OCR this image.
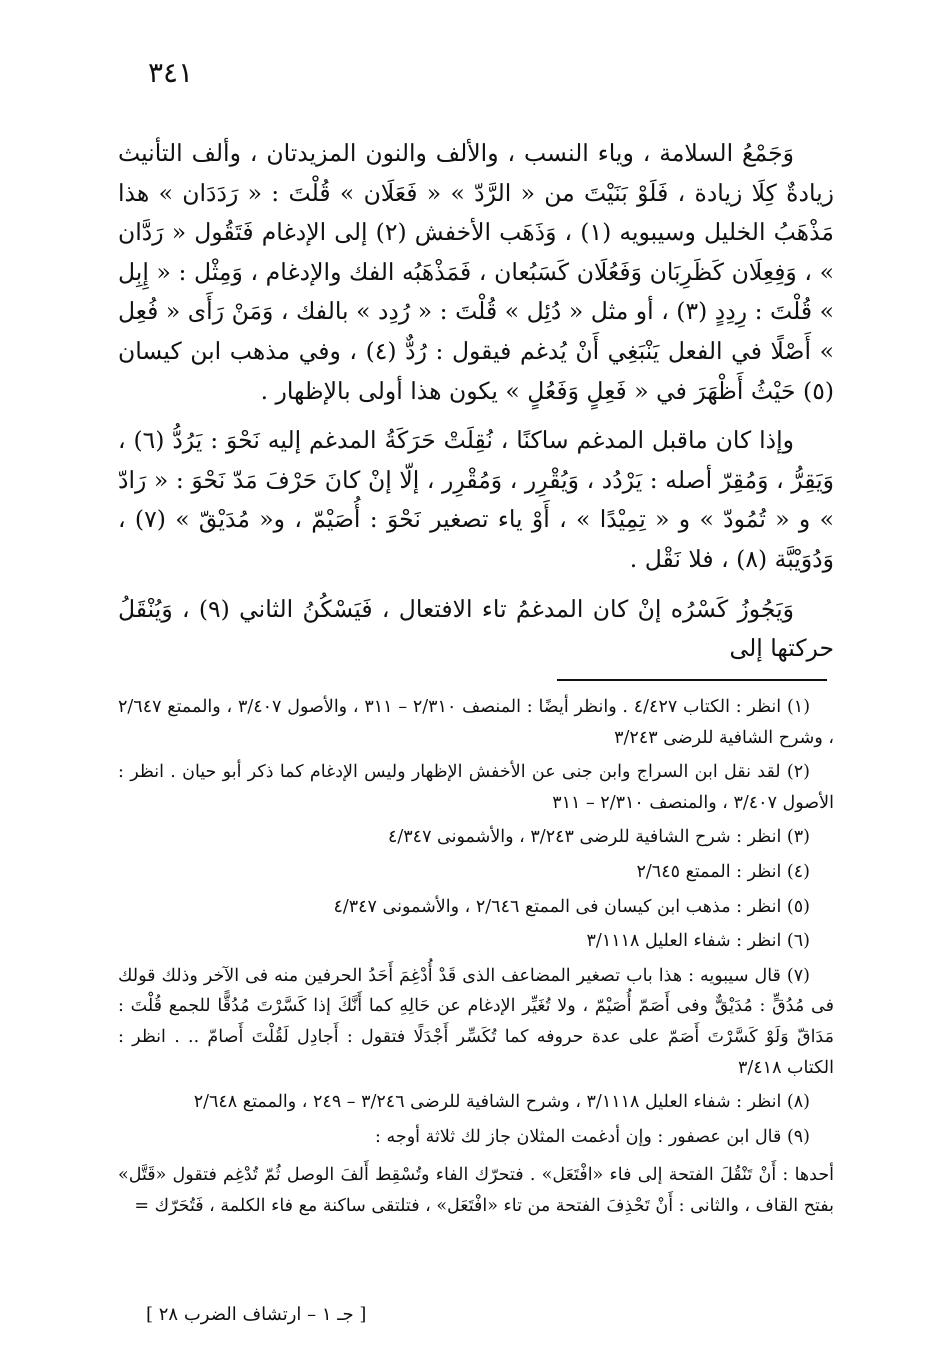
٣٤١

وَجَمْعُ السلامة ، وياء النسب ، والألف والنون المزيدتان ، وألف التأنيث زيادةٌ كِلَا زيادة ، فَلَوْ بَنَيْتَ من « الرَّدّ » « فَعَلَان » قُلْتَ : « رَدَدَان » هذا مَذْهَبُ الخليل وسيبويه (١) ، وَذَهَب الأخفش (٢) إلى الإدغام فَتَقُول « رَدَّان » ، وَفِعِلَان كَظَرِبَان وَفَعُلَان كَسَبُعان ، فَمَذْهَبُه الفك والإدغام ، وَمِثْل : « إِبِل » قُلْتَ : رِدِدٍ (٣) ، أو مثل « دُئِل » قُلْتَ : « رُدِد » بالفك ، وَمَنْ رَأَى « فُعِل » أَصْلًا في الفعل يَنْبَغِي أَنْ يُدغم فيقول : رُدٌّ (٤) ، وفي مذهب ابن كيسان (٥) حَيْثُ أَظْهَرَ في « فَعِلٍ وَفَعُلٍ » يكون هذا أولى بالإظهار .

وإذا كان ماقبل المدغم ساكنًا ، نُقِلَتْ حَرَكَةُ المدغم إليه نَحْوَ : يَرُدُّ (٦) ، وَيَقِرُّ ، وَمُقِرّ أصله : يَرْدُد ، وَيُقْرِر ، وَمُقْرِر ، إلّا إنْ كانَ حَرْفَ مَدّ نَحْوَ : « رَادّ » و « تُمُودّ » و « تِمِيْدًا » ، أَوْ ياء تصغير نَحْوَ : أُصَيْمّ ، و« مُدَيْقّ » (٧) ، وَدُوَيْبَّة (٨) ، فلا نَقْل .

وَيَجُوزُ كَسْرُه إنْ كان المدغمُ تاء الافتعال ، فَيَسْكُنُ الثاني (٩) ، وَيُنْقَلُ حركتها إلى

(١) انظر : الكتاب ٤/٤٢٧ . وانظر أيضًا : المنصف ٢/٣١٠ – ٣١١ ، والأصول ٣/٤٠٧ ، والممتع ٢/٦٤٧ ، وشرح الشافية للرضى ٣/٢٤٣

(٢) لقد نقل ابن السراج وابن جنى عن الأخفش الإظهار وليس الإدغام كما ذكر أبو حيان . انظر : الأصول ٣/٤٠٧ ، والمنصف ٢/٣١٠ – ٣١١

(٣) انظر : شرح الشافية للرضى ٣/٢٤٣ ، والأشمونى ٤/٣٤٧

(٤) انظر : الممتع ٢/٦٤٥

(٥) انظر : مذهب ابن كيسان فى الممتع ٢/٦٤٦ ، والأشمونى ٤/٣٤٧

(٦) انظر : شفاء العليل ٣/١١١٨

(٧) قال سيبويه : هذا باب تصغير المضاعف الذى قَدْ أُدْغِمَ أَحَدُ الحرفين منه فى الآخر وذلك قولك فى مُدُقٍّ : مُدَيْقٌّ وفى أَصَمّ أُصَيْمّ ، ولا تُغَيِّر الإدغام عن حَالِهِ كما أَنَّكَ إذا كَسَّرْتَ مُدُقًّا للجمع قُلْتَ : مَدَاقّ وَلَوْ كَسَّرْتَ أَصَمّ على عدة حروفه كما تُكَسِّر أَجْدَلًا فتقول : أَجادِل لَقُلْتَ أَصامّ .. . انظر : الكتاب ٣/٤١٨

(٨) انظر : شفاء العليل ٣/١١١٨ ، وشرح الشافية للرضى ٣/٢٤٦ – ٢٤٩ ، والممتع ٢/٦٤٨

(٩) قال ابن عصفور : وإن أدغمت المثلان جاز لك ثلاثة أوجه :

أحدها : أَنْ تَنْقُلَ الفتحة إلى فاء «افْتَعَل» . فتحرّك الفاء وتُسْقِط أَلفَ الوصل ثُمّ تُدْغِم فتقول «قَتَّل» بفتح القاف ، والثانى : أَنْ تَحْذِفَ الفتحة من تاء «افْتَعَل» ، فتلتقى ساكنة مع فاء الكلمة ، فَتُحَرّك =

[ جـ ١ – ارتشاف الضرب ٢٨ ]
